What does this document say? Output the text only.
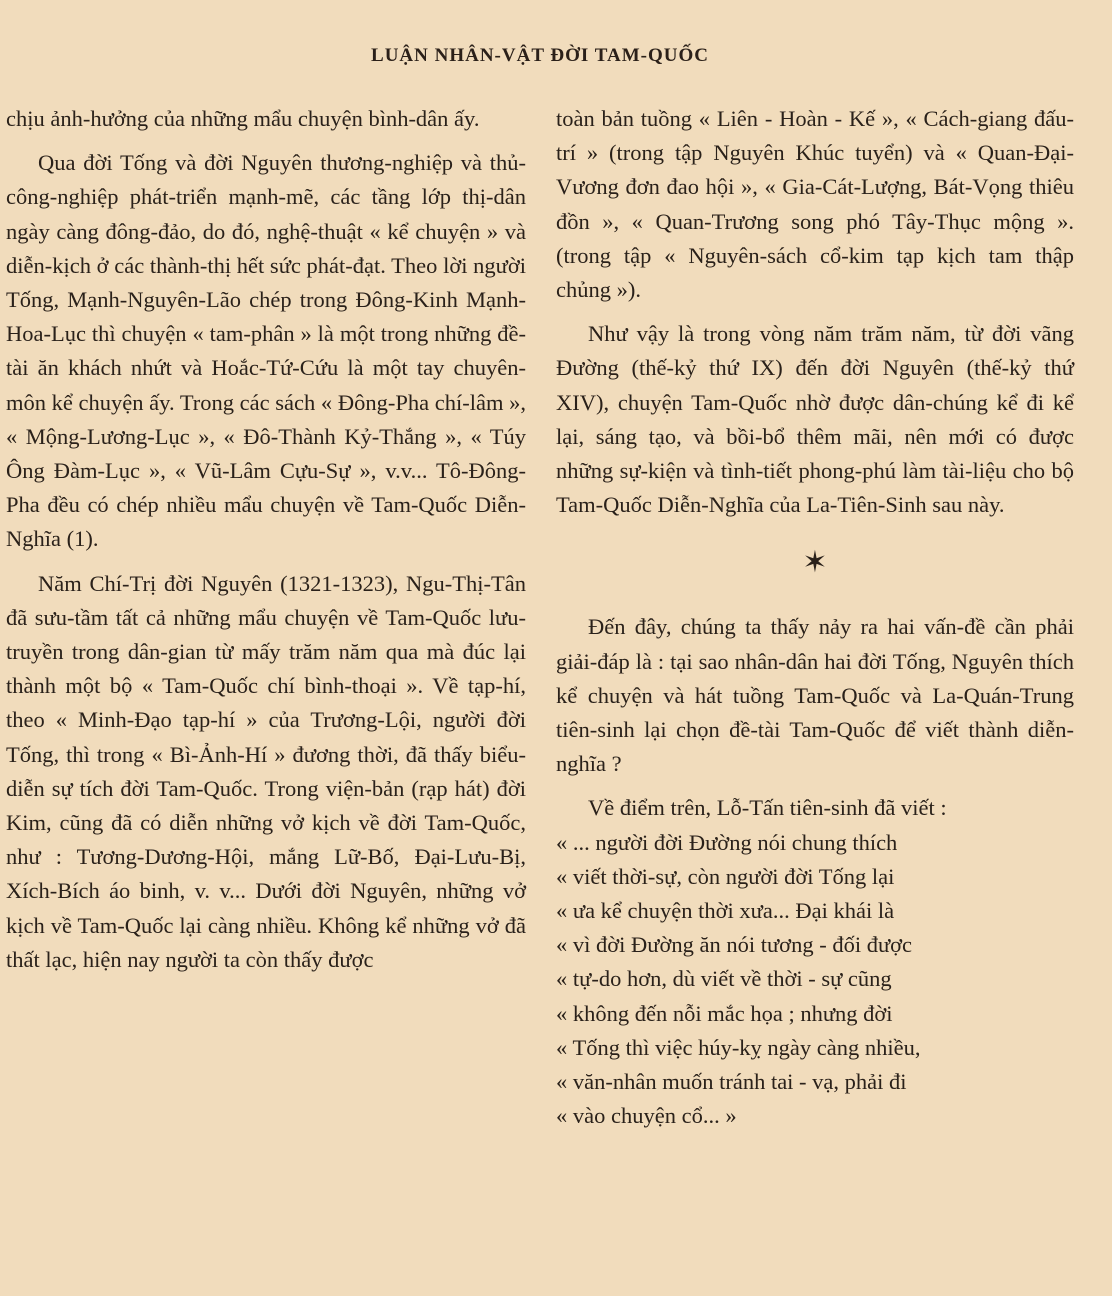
LUẬN NHÂN-VẬT ĐỜI TAM-QUỐC

chịu ảnh-hưởng của những mẩu chuyện bình-dân ấy.

Qua đời Tống và đời Nguyên thương-nghiệp và thủ-công-nghiệp phát-triển mạnh-mẽ, các tầng lớp thị-dân ngày càng đông-đảo, do đó, nghệ-thuật « kể chuyện » và diễn-kịch ở các thành-thị hết sức phát-đạt. Theo lời người Tống, Mạnh-Nguyên-Lão chép trong Đông-Kinh Mạnh-Hoa-Lục thì chuyện « tam-phân » là một trong những đề-tài ăn khách nhứt và Hoắc-Tứ-Cứu là một tay chuyên-môn kể chuyện ấy. Trong các sách « Đông-Pha chí-lâm », « Mộng-Lương-Lục », « Đô-Thành Kỷ-Thắng », « Túy Ông Đàm-Lục », « Vũ-Lâm Cựu-Sự », v.v... Tô-Đông-Pha đều có chép nhiều mẩu chuyện về Tam-Quốc Diễn-Nghĩa (1).

Năm Chí-Trị đời Nguyên (1321-1323), Ngu-Thị-Tân đã sưu-tầm tất cả những mẩu chuyện về Tam-Quốc lưu-truyền trong dân-gian từ mấy trăm năm qua mà đúc lại thành một bộ « Tam-Quốc chí bình-thoại ». Về tạp-hí, theo « Minh-Đạo tạp-hí » của Trương-Lội, người đời Tống, thì trong « Bì-Ảnh-Hí » đương thời, đã thấy biểu-diễn sự tích đời Tam-Quốc. Trong viện-bản (rạp hát) đời Kim, cũng đã có diễn những vở kịch về đời Tam-Quốc, như : Tương-Dương-Hội, mắng Lữ-Bố, Đại-Lưu-Bị, Xích-Bích áo binh, v. v... Dưới đời Nguyên, những vở kịch về Tam-Quốc lại càng nhiều. Không kể những vở đã thất lạc, hiện nay người ta còn thấy được

toàn bản tuồng « Liên - Hoàn - Kế », « Cách-giang đấu-trí » (trong tập Nguyên Khúc tuyển) và « Quan-Đại-Vương đơn đao hội », « Gia-Cát-Lượng, Bát-Vọng thiêu đồn », « Quan-Trương song phó Tây-Thục mộng ». (trong tập « Nguyên-sách cổ-kim tạp kịch tam thập chủng »).

Như vậy là trong vòng năm trăm năm, từ đời vãng Đường (thế-kỷ thứ IX) đến đời Nguyên (thế-kỷ thứ XIV), chuyện Tam-Quốc nhờ được dân-chúng kể đi kể lại, sáng tạo, và bồi-bổ thêm mãi, nên mới có được những sự-kiện và tình-tiết phong-phú làm tài-liệu cho bộ Tam-Quốc Diễn-Nghĩa của La-Tiên-Sinh sau này.

✶

Đến đây, chúng ta thấy nảy ra hai vấn-đề cần phải giải-đáp là : tại sao nhân-dân hai đời Tống, Nguyên thích kể chuyện và hát tuồng Tam-Quốc và La-Quán-Trung tiên-sinh lại chọn đề-tài Tam-Quốc để viết thành diễn-nghĩa ?

Về điểm trên, Lỗ-Tấn tiên-sinh đã viết :

« ... người đời Đường nói chung thích
« viết thời-sự, còn người đời Tống lại
« ưa kể chuyện thời xưa... Đại khái là
« vì đời Đường ăn nói tương - đối được
« tự-do hơn, dù viết về thời - sự cũng
« không đến nỗi mắc họa ; nhưng đời
« Tống thì việc húy-kỵ ngày càng nhiều,
« văn-nhân muốn tránh tai - vạ, phải đi
« vào chuyện cổ... »
